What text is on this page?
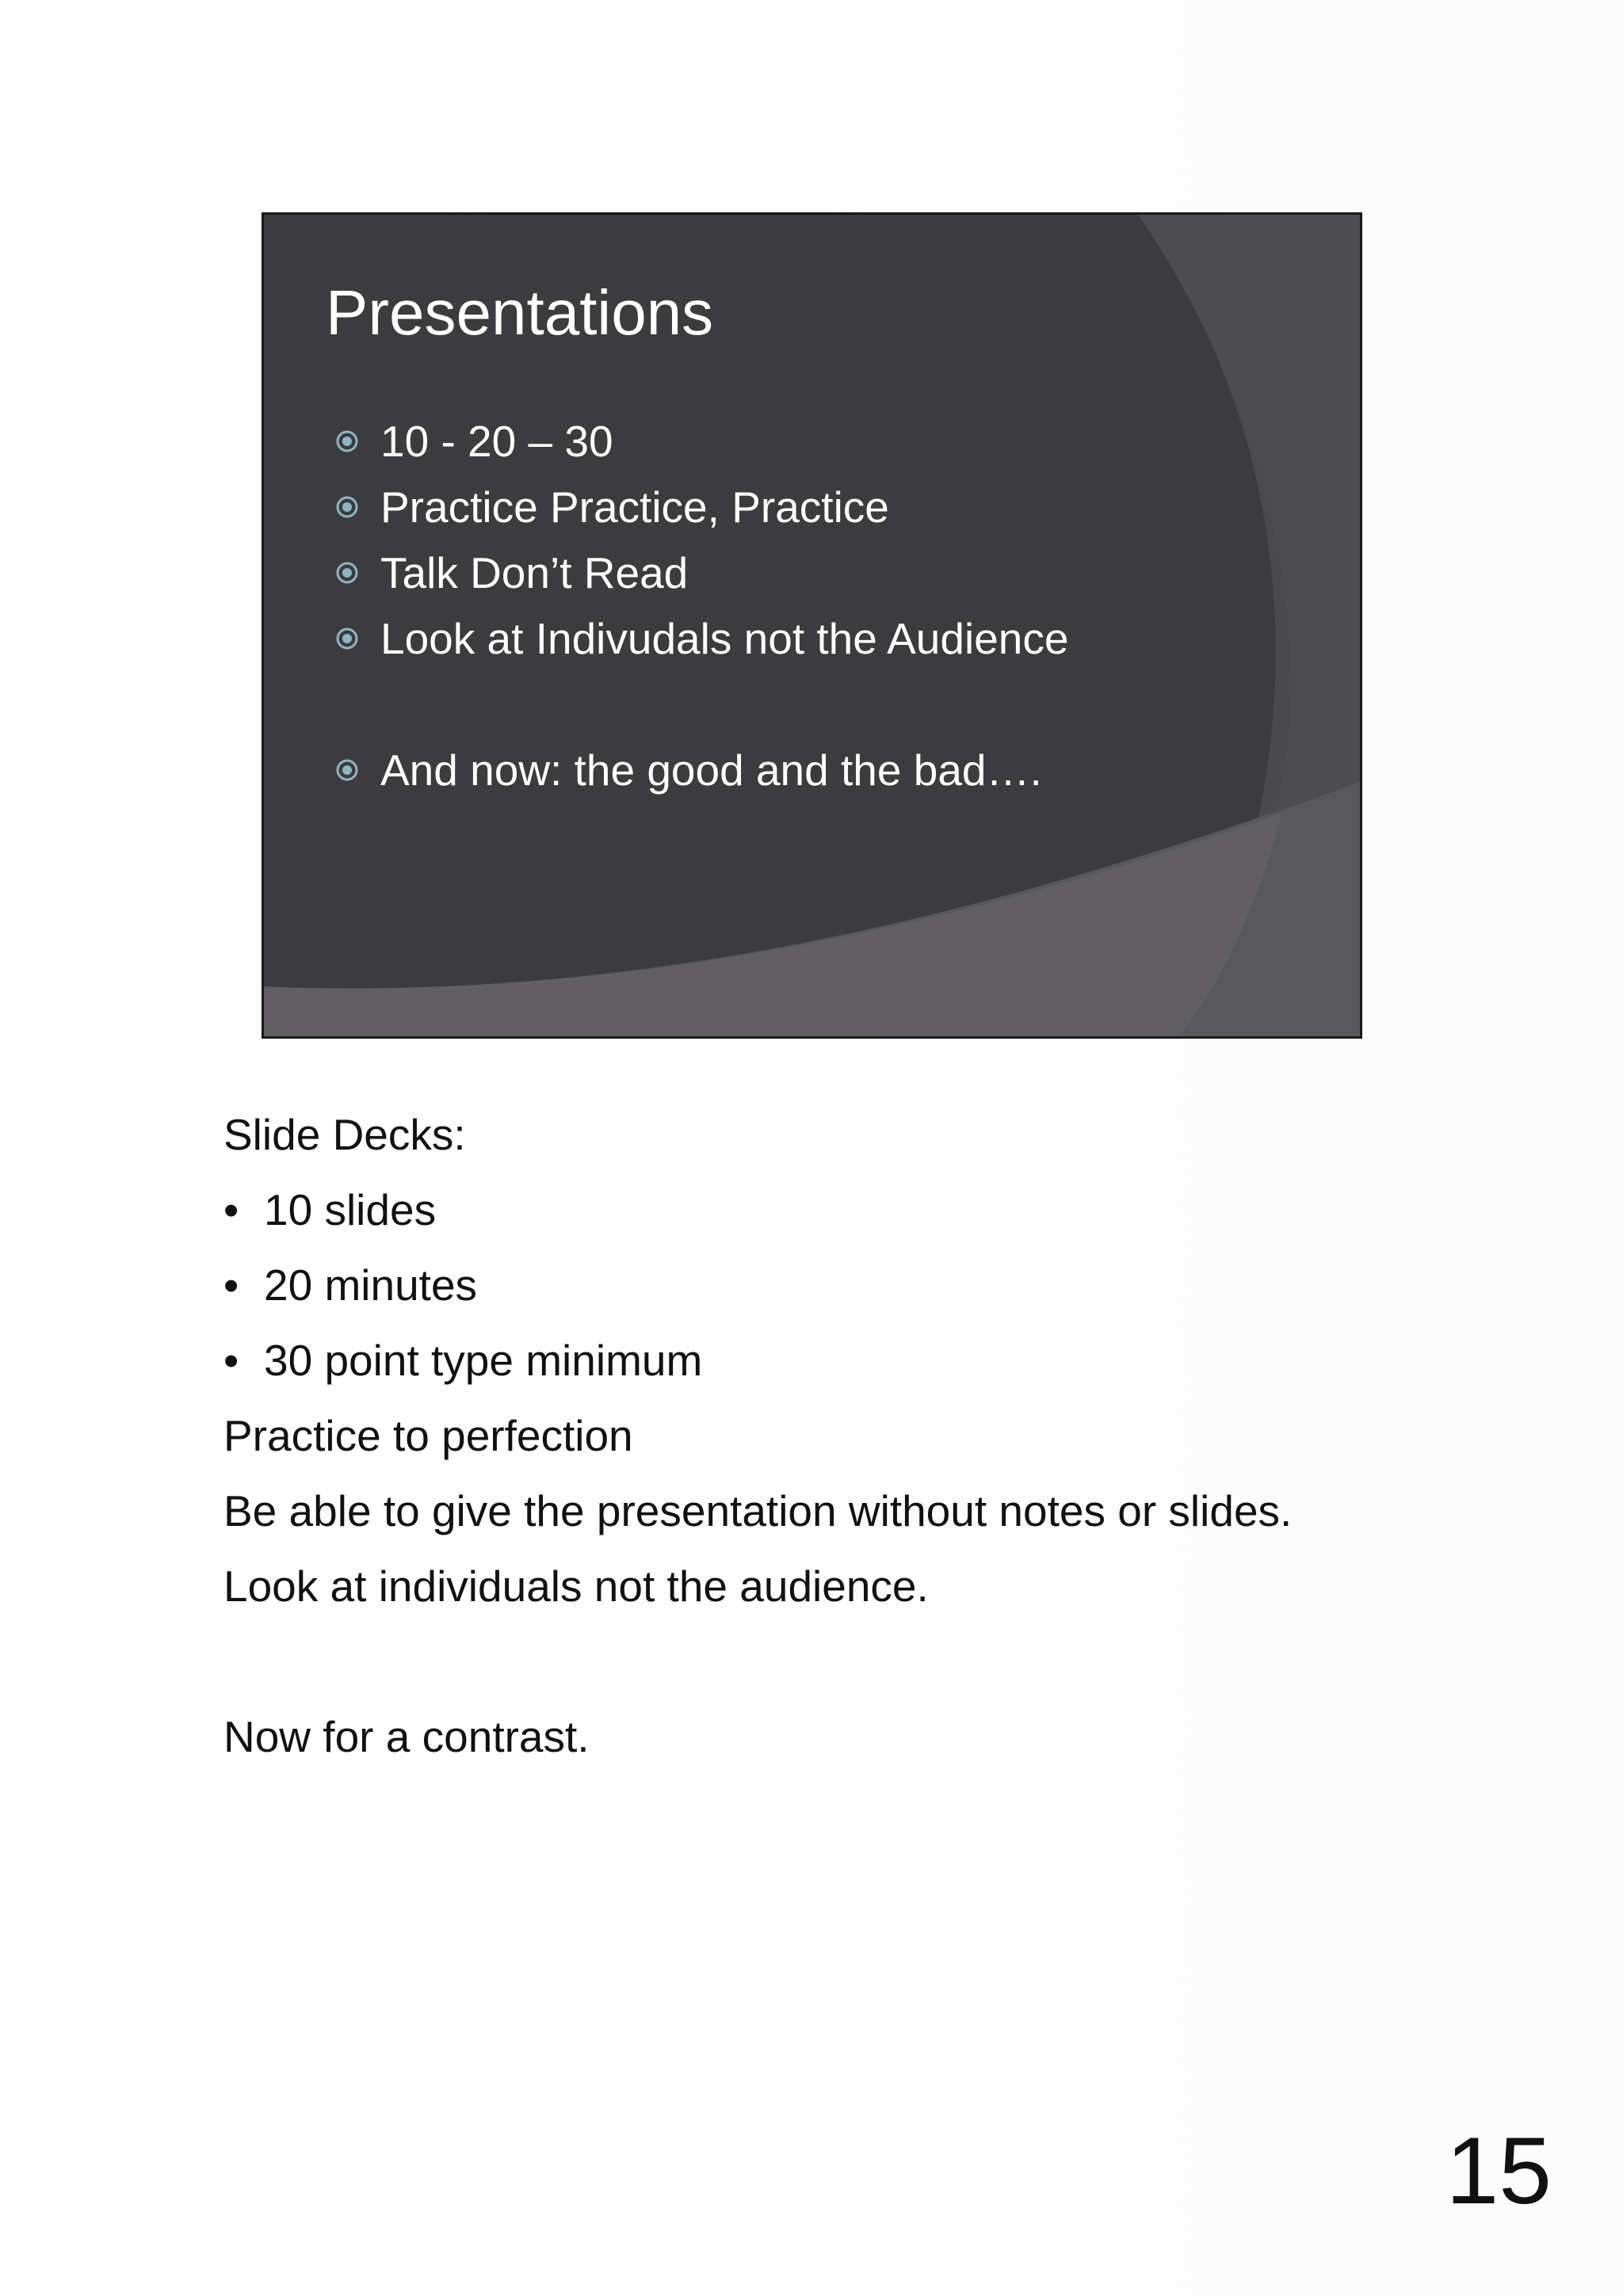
Presentations
10 - 20 – 30
Practice Practice, Practice
Talk Don’t Read
Look at Indivudals not the Audience
And now: the good and the bad….
Slide Decks:
• 10 slides
• 20 minutes
• 30 point type minimum
Practice to perfection
Be able to give the presentation without notes or slides.
Look at individuals not the audience.
Now for a contrast.
15
